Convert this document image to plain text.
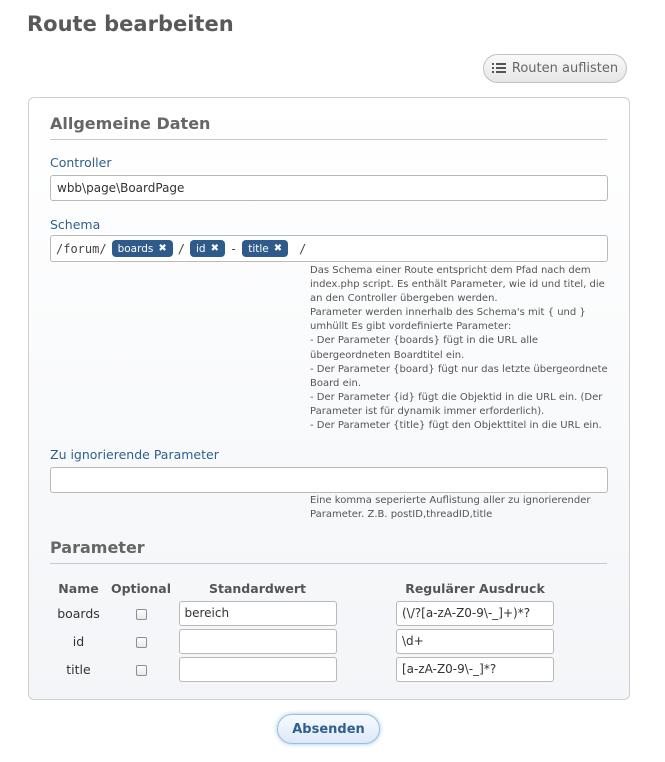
Route bearbeiten
Routen auflisten
Allgemeine Daten
Controller
wbb\page\BoardPage
Schema
/forum/ boards ✖ / id ✖ - title ✖ /

Das Schema einer Route entspricht dem Pfad nach dem index.php script. Es enthält Parameter, wie id und titel, die an den Controller übergeben werden.

Parameter werden innerhalb des Schema's mit { und } umhüllt Es gibt vordefinierte Parameter:

- Der Parameter {boards} fügt in die URL alle übergeordneten Boardtitel ein.

- Der Parameter {board} fügt nur das letzte übergeordnete Board ein.

- Der Parameter {id} fügt die Objektid in die URL ein. (Der Parameter ist für dynamik immer erforderlich).

- Der Parameter {title} fügt den Objekttitel in die URL ein.

Zu ignorierende Parameter
Eine komma seperierte Auflistung aller zu ignorierender Parameter. Z.B. postID,threadID,title
Parameter
Name	Optional	Standardwert	Regulärer Ausdruck
boards		bereich	(\/?[a-zA-Z0-9\-_]+)*?
id			\d+
title			[a-zA-Z0-9\-_]*?
Absenden
